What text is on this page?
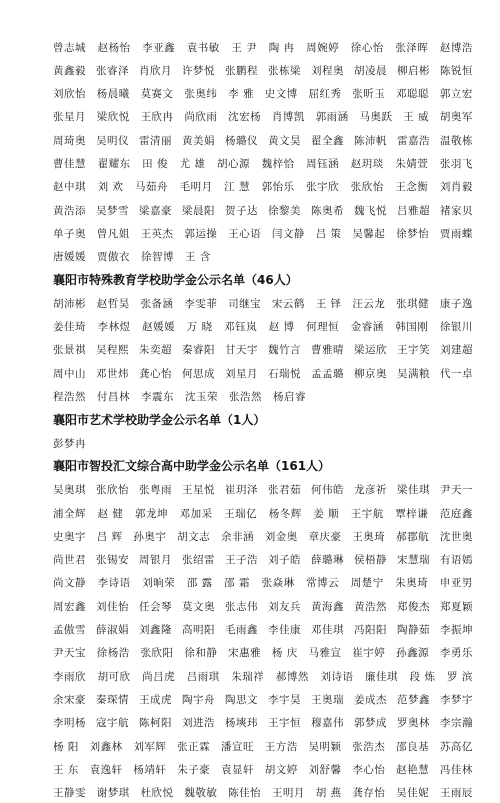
曾志城 赵杨怡 李亚鑫 袁书敏 王 尹 陶 冉 周婉婷 徐心怡 张泽晖 赵博浩
黄鑫毅 张睿泽 肖欣月 许梦悦 张鹏程 张栋梁 刘程奥 胡凌晨 柳启彬 陈锐恒
刘欣怡 杨晨曦 莫赛文 张奥纬 李 雅 史文博 屈红秀 张昕玉 邓聪聪 郭立宏
张星月 梁欣悦 王欣冉 尚欣雨 沈宏杨 肖博凯 郭雨涵 马奥跃 王 威 胡奥军
周琦奥 吴明仪 雷清丽 黄美娟 杨璐仪 黄文昊 翟全鑫 陈沛帆 雷嘉浩 温敬栋
曹佳慧 翟耀东 田 俊 尤 雄 胡心源 魏梓恰 周钰涵 赵玥琰 朱婧萱 张羽飞
赵中琪 刘 欢 马茹舟 毛明月 江 慧 郭怡乐 张宇欣 张欣怡 王念衡 刘肖毅
黄浩添 吴梦雪 梁嘉豪 梁晨阳 贺子达 徐黎美 陈奥希 魏飞悦 吕雅超 褚家贝
单子奥 曾凡姐 王英杰 郭运操 王心语 闫文静 吕 策 吴馨起 徐梦怡 贾雨蝶
唐媛媛 贾傲衣 徐智博 王 含
襄阳市特殊教育学校助学金公示名单（46人）
胡沛彬 赵哲昊 张备涵 李雯菲 司继宝 宋云鹤 王 铎 汪云龙 张琪健 康子逸
姜佳琦 李林煜 赵媛媛 万 晓 邓钰岚 赵 博 何理恒 金睿涵 韩国刚 徐银川
张景祺 吴程熙 朱奕超 秦睿阳 甘天宇 魏竹言 曹雅晴 梁运欣 王宇笑 刘建超
周中山 邓世炜 龚心怡 何思成 刘星月 石瑞悦 孟孟璐 柳京奥 吴满粮 代一卓
程浩然 付昌林 李震东 沈玉荣 张浩然 杨启睿
襄阳市艺术学校助学金公示名单（1人）
彭梦冉
襄阳市智投汇文综合高中助学金公示名单（161人）
吴奥琪 张欣怡 张粤雨 王星悦 崔玥泽 张君茹 何伟皓 龙彦祈 梁佳琪 尹天一
浦全辉 赵 健 郭龙坤 邓加采 王瑞亿 杨冬辉 姜 顺 王宇航 覃梓谦 范庭鑫
史奥宇 吕 辉 孙奥宇 胡文志 余非涵 刘金奥 章庆豪 王奥琦 郝郡航 沈世奥
尚世君 张锡安 周银月 张绍雷 王子浩 刘子皓 薛璐琳 侯梧静 宋慧瑞 有语嫣
尚文静 李诗语 刘晌荣 邵 露 邵 霜 张焱琳 常博云 周楚宁 朱奥琦 申亚男
周宏鑫 刘佳怡 任会琴 莫文奥 张志伟 刘友兵 黄海鑫 黄浩然 郑俊杰 郑夏颖
孟傲雪 薛淑娟 刘鑫隆 高明阳 毛雨鑫 李佳康 邓佳琪 冯阳阳 陶静茹 李振坤
尹天宝 徐杨浩 张欣阳 徐和静 宋惠雅 杨 庆 马雅宣 崔宇婷 孙鑫源 李勇乐
李雨欣 胡可欣 尚吕虎 吕雨琪 朱瑞祥 郝博然 刘诗语 廉佳琪 段 炼 罗 滨
余宋豪 秦琛情 王成虎 陶宇舟 陶思文 李宇昊 王奥瑞 姜成杰 范梦鑫 李梦宇
李明杨 寇宇航 陈柯阳 刘进浩 杨塽玮 王宇恒 穆嘉伟 郭梦成 罗奥林 李宗瀚
杨 阳 刘鑫林 刘军辉 张正霖 潘宣旺 王方浩 吴明颖 张浩杰 邵良基 苏高亿
王 东 袁逸轩 杨靖轩 朱子豪 袁显轩 胡文婷 刘舒馨 李心怡 赵艳慧 冯佳林
王静雯 谢梦琪 杜欣悦 魏敬敏 陈佳怡 王明月 胡 燕 龚存怡 吴佳妮 王雨辰
